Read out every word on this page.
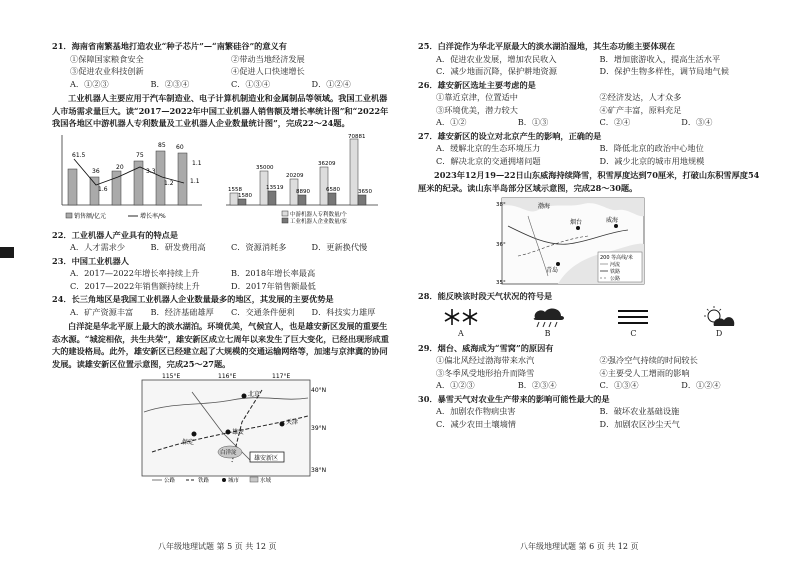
21．海南省南繁基地打造农业“种子芯片”—“南繁硅谷”的意义有
①保障国家粮食安全	②带动当地经济发展
③促进农业科技创新	④促进人口快速增长
A．①②③	B．②③④	C．①③④	D．①②④
工业机器人主要应用于汽车制造业、电子计算机制造业和金属制品等领域。我国工业机器人市场需求量巨大。读“2017—2022年中国工业机器人销售额及增长率统计图”和“2022年我国各地区中游机器人专利数量及工业机器人企业数量统计图”，完成22～24题。
61.5
36
75
85 60
1.1
1.6
20
3.3
1.2
1.1
销售额/亿元	增长率/%
70881
35000
36209
1558
20209
13519
8890	6580
1580
3650
中游机器人专利数量/个
工业机器人企业数量/家
22．工业机器人产业具有的特点是
A．人才需求少	B．研发费用高	C．资源消耗多	D．更新换代慢
23．中国工业机器人
A．2017—2022年增长率持续上升	B．2018年增长率最高
C．2017—2022年销售额持续上升	D．2017年销售额最低
24．长三角地区是我国工业机器人企业数量最多的地区，其发展的主要优势是
A．矿产资源丰富	B．经济基础雄厚	C．交通条件便利	D．科技实力雄厚
白洋淀是华北平原上最大的淡水湖泊。环境优美，气候宜人，也是雄安新区发展的重要生态水源。“城淀相依，共生共荣”，雄安新区成立七周年以来发生了巨大变化，已经出现形成重大的建设格局。此外，雄安新区已经建立起了大规模的交通运输网络等，加速与京津冀的协同发展。读雄安新区位置示意图，完成25～27题。
115°E	116°E	117°E
40°N
39°N
38°N
北京
天津
保定
雄安
白洋淀
雄安新区
公路	铁路	城市	水域
八年级地理试题 第 5 页 共 12 页
25．白洋淀作为华北平原最大的淡水湖泊湿地，其生态功能主要体现在
A．促进农业发展，增加农民收入	B．增加旅游收入，提高生活水平
C．减少地面沉降，保护耕地资源	D．保护生物多样性，调节局地气候
26．雄安新区选址主要考虑的是
①靠近京津，位置适中	②经济发达，人才众多
③环境优美，潜力较大	④矿产丰富，原料充足
A．①②	B．①③	C．②④	D．③④
27．雄安新区的设立对北京产生的影响，正确的是
A．缓解北京的生态环境压力	B．降低北京的政治中心地位
C．解决北京的交通拥堵问题	D．减少北京的城市用地规模
2023年12月19—22日山东威海持续降雪，积雪厚度达到70厘米，打破山东积雪厚度54厘米的纪录。读山东半岛部分区域示意图，完成28～30题。
威海
烟台
青岛
渤海
38°
36°
35°
200 等高线/米
河流
铁路
公路
28．能反映该时段天气状况的符号是
A	B	C	D
29．烟台、威海成为“雪窝”的原因有
①偏北风经过渤海带来水汽	②强冷空气持续的时间较长
③冬季风受地形抬升而降雪	④主要受人工增雨的影响
A．①②③	B．②③④	C．①③④	D．①②④
30．暴雪天气对农业生产带来的影响可能性最大的是
A．加剧农作物病虫害	B．破坏农业基础设施
C．减少农田土壤墒情	D．加剧农区沙尘天气
八年级地理试题 第 6 页 共 12 页
